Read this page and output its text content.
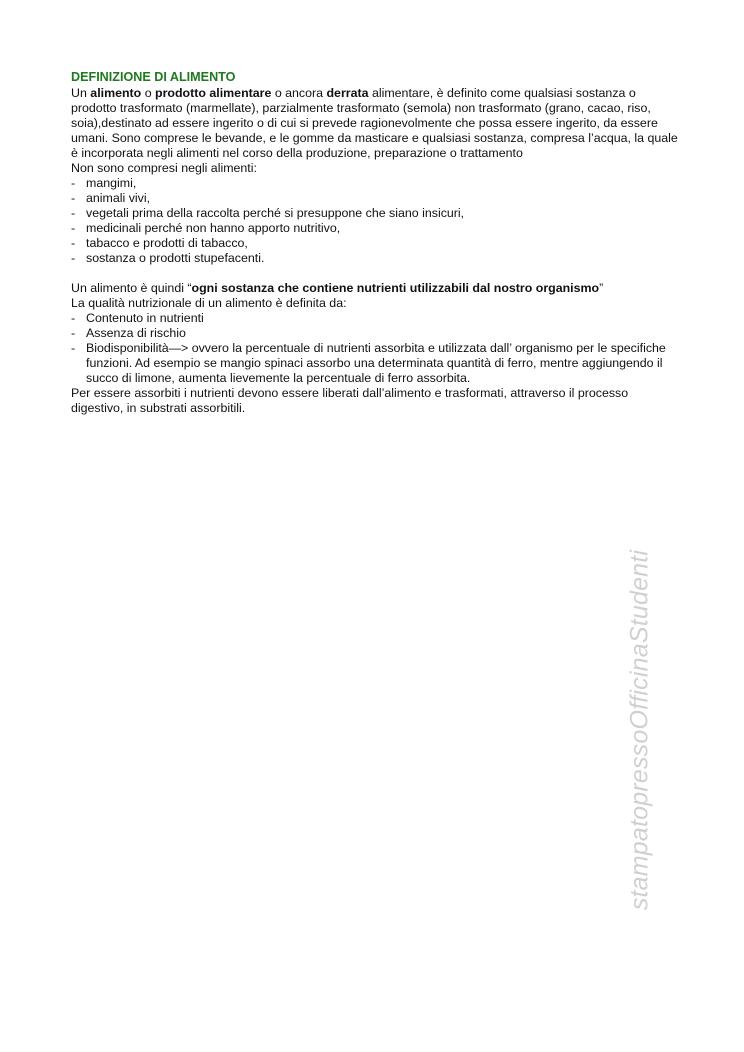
DEFINIZIONE DI ALIMENTO

Un alimento o prodotto alimentare o ancora derrata alimentare, è definito come qualsiasi sostanza o prodotto trasformato (marmellate), parzialmente trasformato (semola) non trasformato (grano, cacao, riso, soia),destinato ad essere ingerito o di cui si prevede ragionevolmente che possa essere ingerito, da essere umani. Sono comprese le bevande, e le gomme da masticare e qualsiasi sostanza, compresa l’acqua, la quale è incorporata negli alimenti nel corso della produzione, preparazione o trattamento

Non sono compresi negli alimenti:

- mangimi,
- animali vivi,
- vegetali prima della raccolta perché si presuppone che siano insicuri,
- medicinali perché non hanno apporto nutritivo,
- tabacco e prodotti di tabacco,
- sostanza o prodotti stupefacenti.

Un alimento è quindi “ogni sostanza che contiene nutrienti utilizzabili dal nostro organismo”

La qualità nutrizionale di un alimento è definita da:

- Contenuto in nutrienti
- Assenza di rischio
- Biodisponibilità—> ovvero la percentuale di nutrienti assorbita e utilizzata dall’ organismo per le specifiche funzioni. Ad esempio se mangio spinaci assorbo una determinata quantità di ferro, mentre aggiungendo il succo di limone, aumenta lievemente la percentuale di ferro assorbita.

Per essere assorbiti i nutrienti devono essere liberati dall’alimento e trasformati, attraverso il processo digestivo, in substrati assorbitili.

stampatopressoOfficinaStudenti
